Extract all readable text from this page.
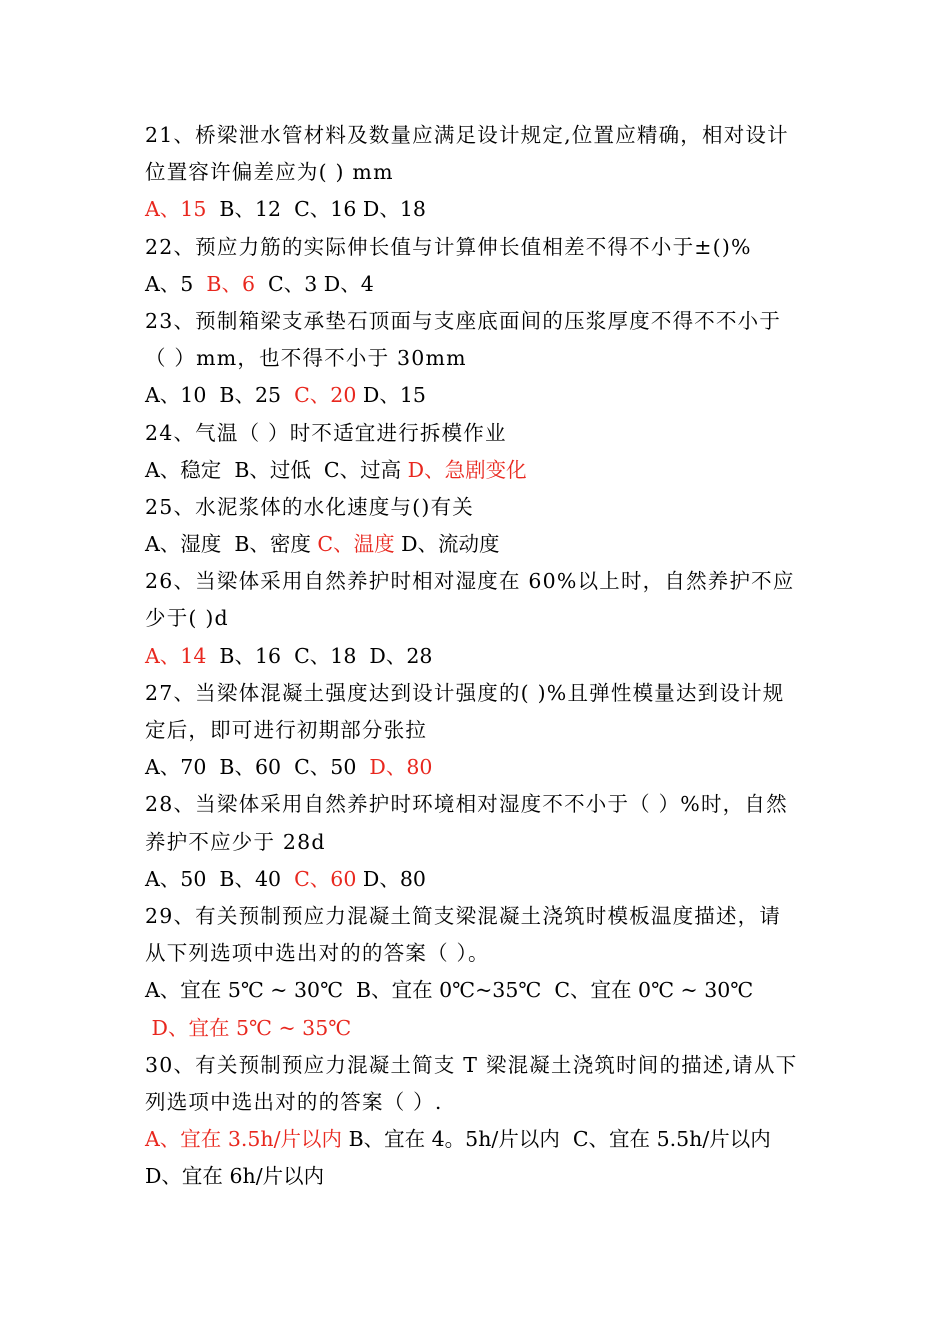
21、桥梁泄水管材料及数量应满足设计规定,位置应精确，相对设计
位置容许偏差应为( ) mm
A、15  B、12  C、16 D、18
22、预应力筋的实际伸长值与计算伸长值相差不得不小于±()%
A、5  B、6  C、3 D、4
23、预制箱梁支承垫石顶面与支座底面间的压浆厚度不得不不小于
（ ）mm，也不得不小于 30mm
A、10  B、25  C、20 D、15
24、气温（ ）时不适宜进行拆模作业
A、稳定  B、过低  C、过高 D、急剧变化
25、水泥浆体的水化速度与()有关
A、湿度  B、密度 C、温度 D、流动度
26、当梁体采用自然养护时相对湿度在 60%以上时，自然养护不应
少于( )d
A、14  B、16  C、18  D、28
27、当梁体混凝土强度达到设计强度的( )%且弹性模量达到设计规
定后，即可进行初期部分张拉
A、70  B、60  C、50  D、80
28、当梁体采用自然养护时环境相对湿度不不小于（ ）%时，自然
养护不应少于 28d
A、50  B、40  C、60 D、80
29、有关预制预应力混凝土简支梁混凝土浇筑时模板温度描述，请
从下列选项中选出对的的答案（ ）。
A、宜在 5℃ ~ 30℃  B、宜在 0℃~35℃  C、宜在 0℃ ~ 30℃
D、宜在 5℃ ~ 35℃
30、有关预制预应力混凝土简支 T 梁混凝土浇筑时间的描述,请从下
列选项中选出对的的答案（ ）.
A、宜在 3.5h/片以内 B、宜在 4。5h/片以内  C、宜在 5.5h/片以内
D、宜在 6h/片以内
